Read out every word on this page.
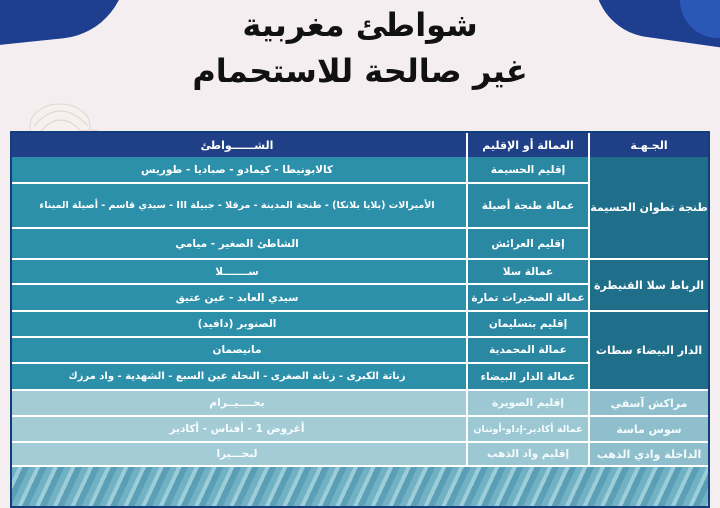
شواطئ مغربية
غير صالحة للاستحمام
الجـهـة
العمالة أو الإقليم
الشــــــواطئ
طنجة تطوان الحسيمة
الرباط سلا القنيطرة
الدار البيضاء سطات
مراكش آسفي
سوس ماسة
الداخلة وادي الذهب
إقليم الحسيمة
كالابونيطا - كيمادو - صباديا - طوريس
عمالة طنجة أصيلة
الأميرالات (بلايا بلانكا) - طنجة المدينة - مرقلا - جبيلة III - سيدي قاسم - أصيلة الميناء
إقليم العرائش
الشاطئ الصغير - ميامي
عمالة سلا
ســـــــلا
عمالة الصخيرات تمارة
سيدي العابد - عين عتيق
إقليم بنسليمان
الصنوبر (دافيد)
عمالة المحمدية
مانيصمان
عمالة الدار البيضاء
زناتة الكبرى - زناتة الصغرى - النحلة عين السبع - الشهدية - واد مرزك
إقليم الصويرة
بحــــيــرام
عمالة أكادير-إداو-أوتنان
أغروض 1 - أفتاس - أكادير
إقليم واد الذهب
لبحـــيرا
